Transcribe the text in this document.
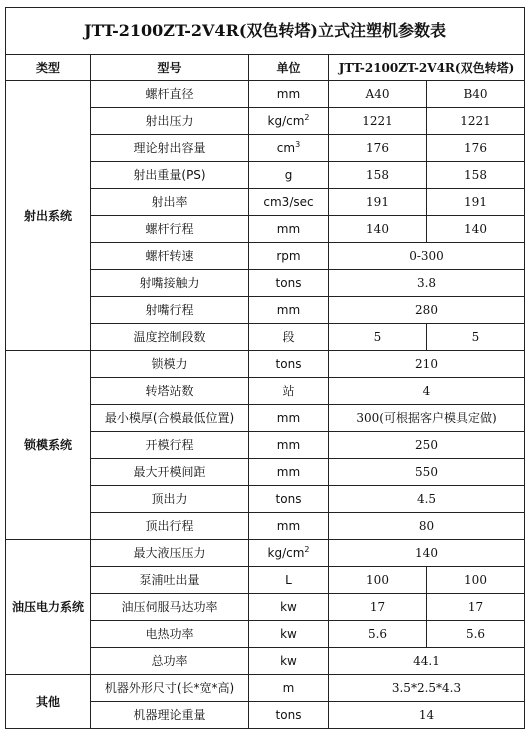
JTT-2100ZT-2V4R(双色转塔)立式注塑机参数表				
类型	型号	单位	JTT-2100ZT-2V4R(双色转塔)	
射出系统	螺杆直径	mm	A40	B40
	射出压力	$kg/cm^2$	1221	1221
	理论射出容量	$cm^3$	176	176
	射出重量(PS)	g	158	158
	射出率	cm3/sec	191	191
	螺杆行程	mm	140	140
	螺杆转速	rpm	0-300	
	射嘴接触力	tons	3.8	
	射嘴行程	mm	280	
	温度控制段数	段	5	5
锁模系统	锁模力	tons	210	
	转塔站数	站	4	
	最小模厚(合模最低位置)	mm	300(可根据客户模具定做)	
	开模行程	mm	250	
	最大开模间距	mm	550	
	顶出力	tons	4.5	
	顶出行程	mm	80	
油压电力系统	最大液压压力	$kg/cm^2$	140	
	泵浦吐出量	L	100	100
	油压伺服马达功率	kw	17	17
	电热功率	kw	5.6	5.6
	总功率	kw	44.1	
其他	机器外形尺寸(长*宽*高)	m	3.5*2.5*4.3	
	机器理论重量	tons	14	
